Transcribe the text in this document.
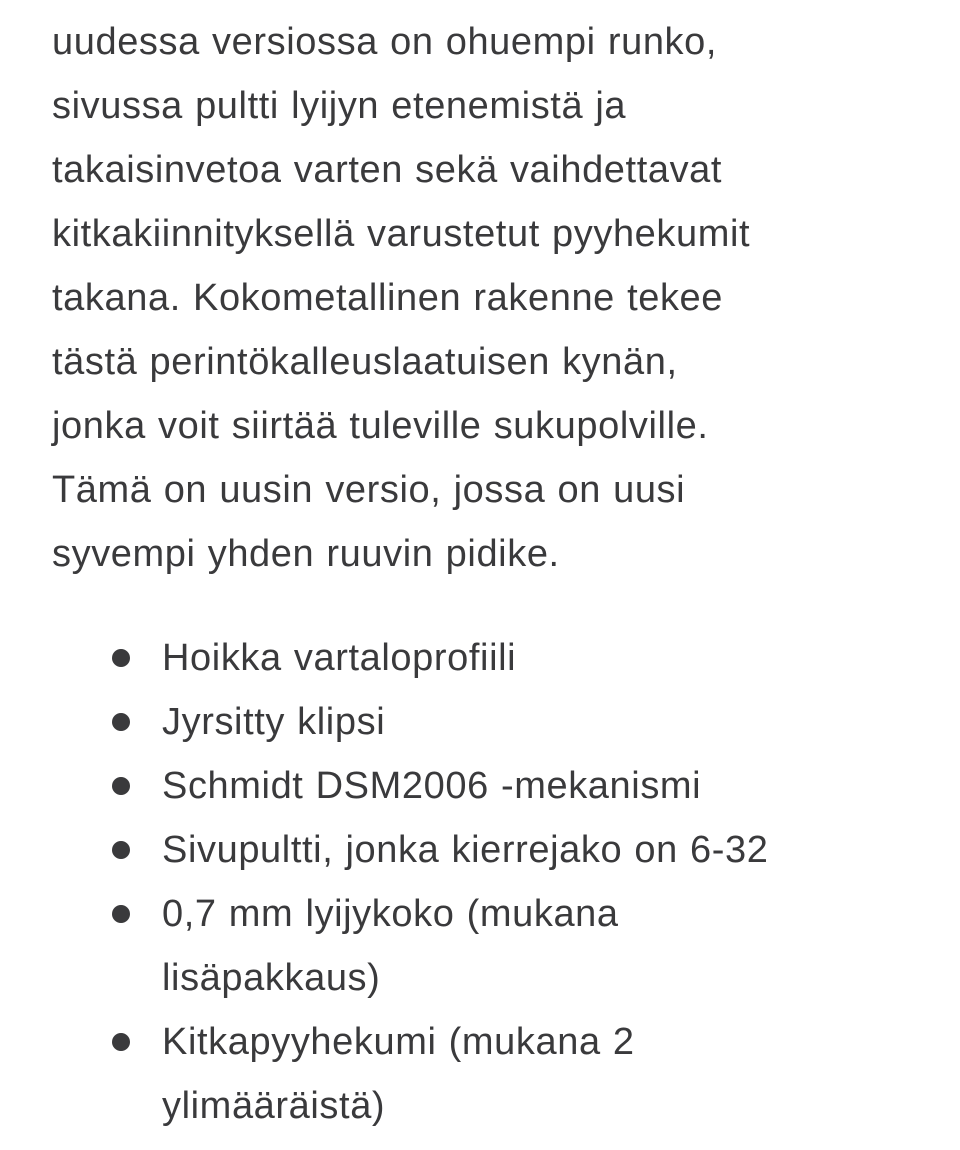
uudessa versiossa on ohuempi runko,
sivussa pultti lyijyn etenemistä ja
takaisinvetoa varten sekä vaihdettavat
kitkakiinnityksellä varustetut pyyhekumit
takana. Kokometallinen rakenne tekee
tästä perintökalleuslaatuisen kynän,
jonka voit siirtää tuleville sukupolville.
Tämä on uusin versio, jossa on uusi
syvempi yhden ruuvin pidike.

Hoikka vartaloprofiili
Jyrsitty klipsi
Schmidt DSM2006 -mekanismi
Sivupultti, jonka kierrejako on 6-32
0,7 mm lyijykoko (mukana
lisäpakkaus)
Kitkapyyhekumi (mukana 2
ylimääräistä)
